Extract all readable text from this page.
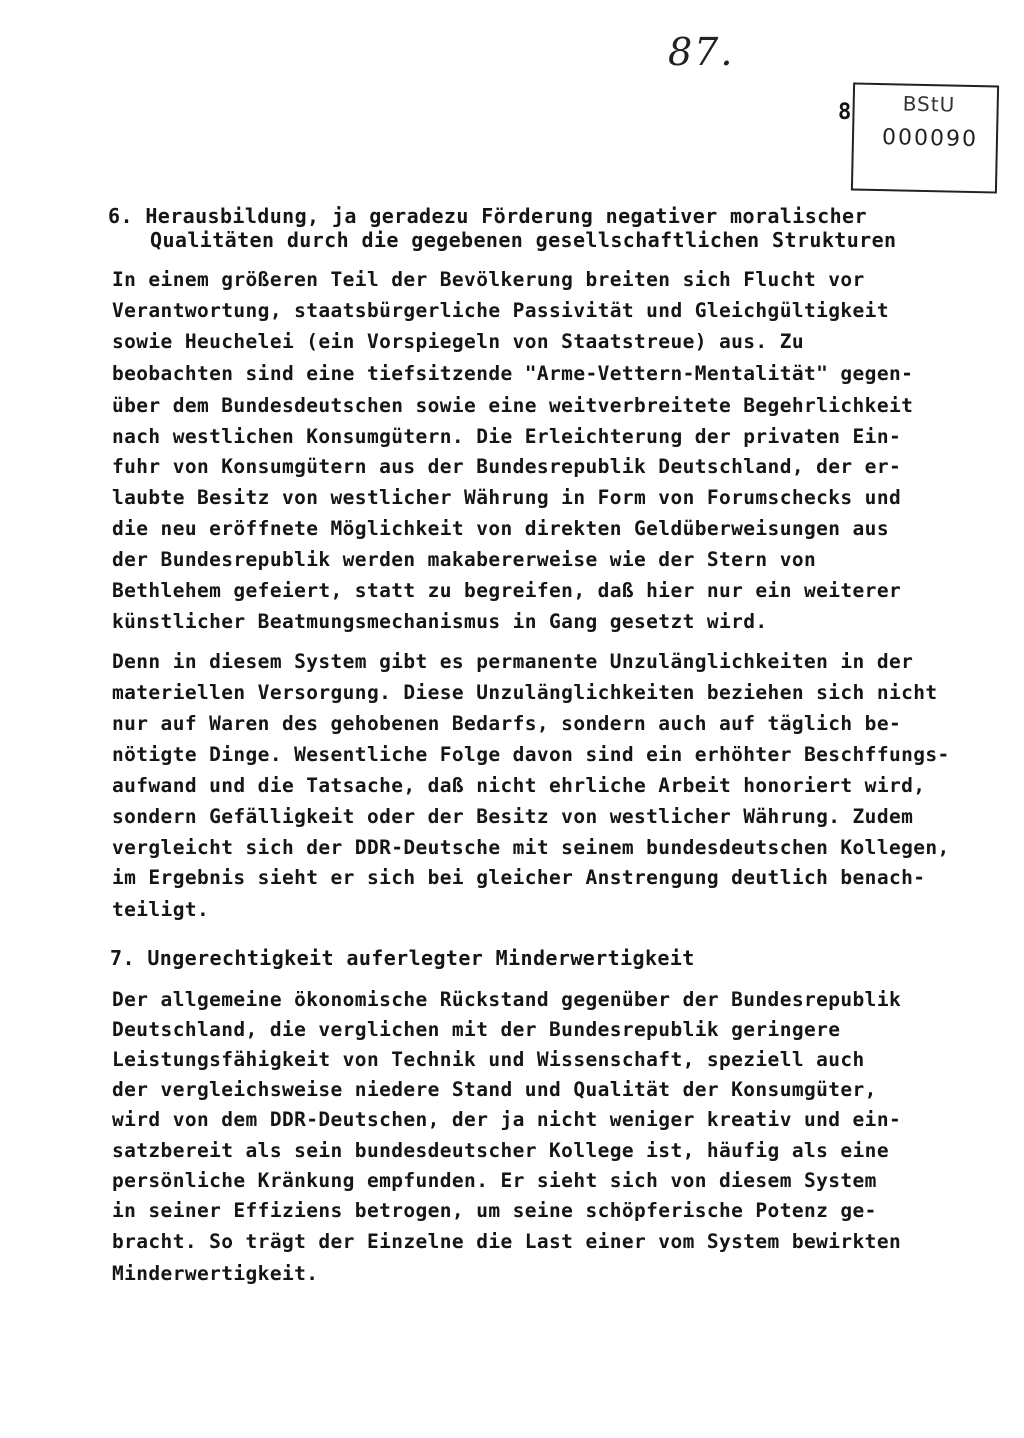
87.
8	BStU
000090
6. Herausbildung, ja geradezu Förderung negativer moralischer
Qualitäten durch die gegebenen gesellschaftlichen Strukturen
In einem größeren Teil der Bevölkerung breiten sich Flucht vor
Verantwortung, staatsbürgerliche Passivität und Gleichgültigkeit
sowie Heuchelei (ein Vorspiegeln von Staatstreue) aus. Zu
beobachten sind eine tiefsitzende "Arme-Vettern-Mentalität" gegen-
über dem Bundesdeutschen sowie eine weitverbreitete Begehrlichkeit
nach westlichen Konsumgütern. Die Erleichterung der privaten Ein-
fuhr von Konsumgütern aus der Bundesrepublik Deutschland, der er-
laubte Besitz von westlicher Währung in Form von Forumschecks und
die neu eröffnete Möglichkeit von direkten Geldüberweisungen aus
der Bundesrepublik werden makabererweise wie der Stern von
Bethlehem gefeiert, statt zu begreifen, daß hier nur ein weiterer
künstlicher Beatmungsmechanismus in Gang gesetzt wird.
Denn in diesem System gibt es permanente Unzulänglichkeiten in der
materiellen Versorgung. Diese Unzulänglichkeiten beziehen sich nicht
nur auf Waren des gehobenen Bedarfs, sondern auch auf täglich be-
nötigte Dinge. Wesentliche Folge davon sind ein erhöhter Beschffungs-
aufwand und die Tatsache, daß nicht ehrliche Arbeit honoriert wird,
sondern Gefälligkeit oder der Besitz von westlicher Währung. Zudem
vergleicht sich der DDR-Deutsche mit seinem bundesdeutschen Kollegen,
im Ergebnis sieht er sich bei gleicher Anstrengung deutlich benach-
teiligt.
7. Ungerechtigkeit auferlegter Minderwertigkeit
Der allgemeine ökonomische Rückstand gegenüber der Bundesrepublik
Deutschland, die verglichen mit der Bundesrepublik geringere
Leistungsfähigkeit von Technik und Wissenschaft, speziell auch
der vergleichsweise niedere Stand und Qualität der Konsumgüter,
wird von dem DDR-Deutschen, der ja nicht weniger kreativ und ein-
satzbereit als sein bundesdeutscher Kollege ist, häufig als eine
persönliche Kränkung empfunden. Er sieht sich von diesem System
in seiner Effiziens betrogen, um seine schöpferische Potenz ge-
bracht. So trägt der Einzelne die Last einer vom System bewirkten
Minderwertigkeit.
